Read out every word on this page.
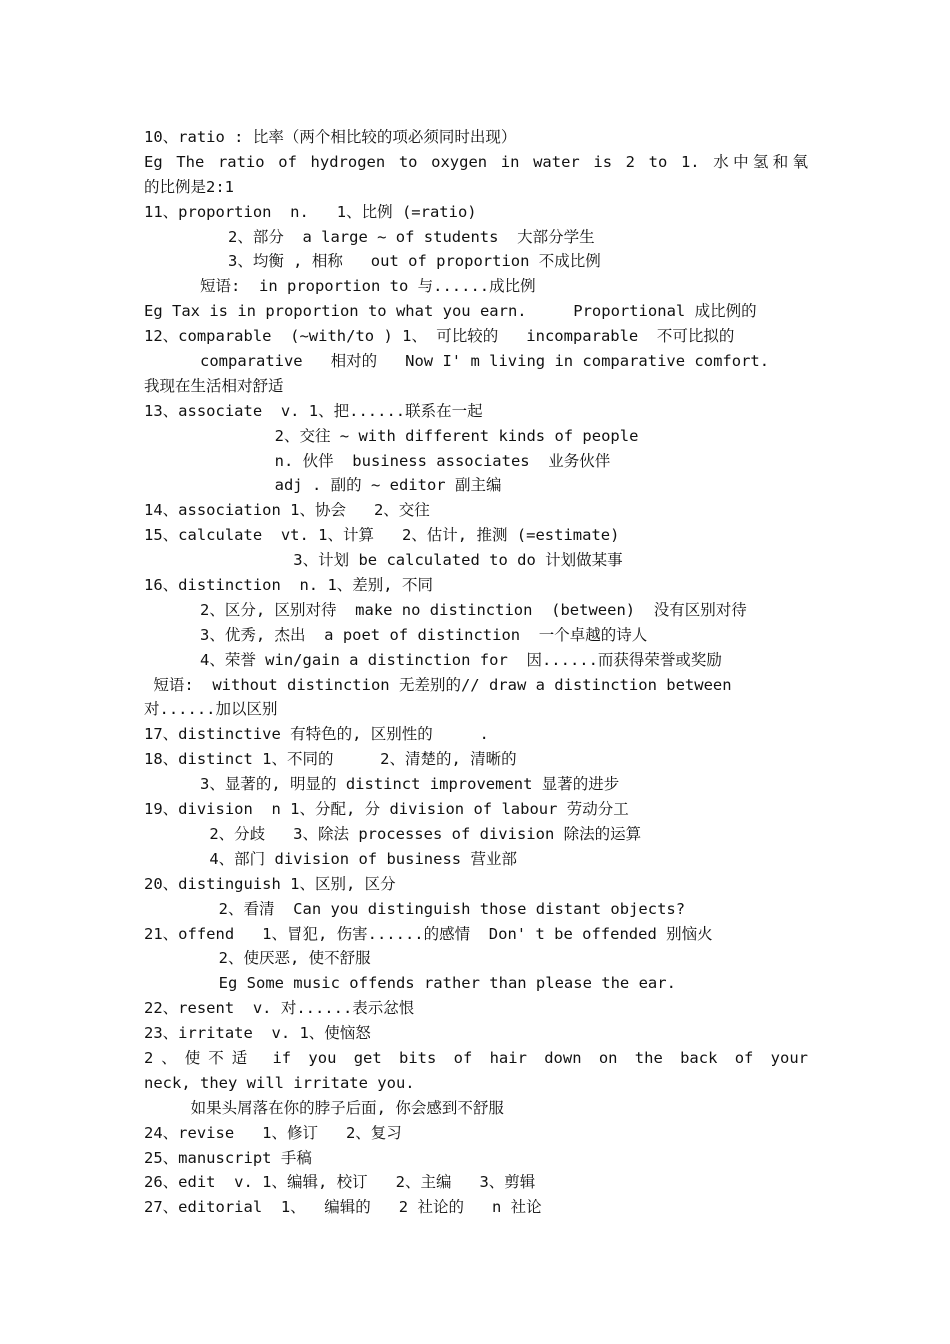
10、ratio : 比率（两个相比较的项必须同时出现）
Eg The ratio of hydrogen to oxygen in water is 2 to 1. 水中氢和氧
的比例是2:1
11、proportion  n.   1、比例 (=ratio)
2、部分  a large ~ of students  大部分学生
3、均衡 , 相称   out of proportion 不成比例
短语:  in proportion to 与......成比例
Eg Tax is in proportion to what you earn.     Proportional 成比例的
12、comparable  (~with/to ) 1、 可比较的   incomparable  不可比拟的
comparative   相对的   Now I' m living in comparative comfort.
我现在生活相对舒适
13、associate  v. 1、把......联系在一起
2、交往 ~ with different kinds of people
n. 伙伴  business associates  业务伙伴
adj . 副的 ~ editor 副主编
14、association 1、协会   2、交往
15、calculate  vt. 1、计算   2、估计, 推测 (=estimate)
3、计划 be calculated to do 计划做某事
16、distinction  n. 1、差别, 不同
2、区分, 区别对待  make no distinction  (between)  没有区别对待
3、优秀, 杰出  a poet of distinction  一个卓越的诗人
4、荣誉 win/gain a distinction for  因......而获得荣誉或奖励
短语:  without distinction 无差别的// draw a distinction between
对......加以区别
17、distinctive 有特色的, 区别性的     .
18、distinct 1、不同的     2、清楚的, 清晰的
3、显著的, 明显的 distinct improvement 显著的进步
19、division  n 1、分配, 分 division of labour 劳动分工
2、分歧   3、除法 processes of division 除法的运算
4、部门 division of business 营业部
20、distinguish 1、区别, 区分
2、看清  Can you distinguish those distant objects?
21、offend   1、冒犯, 伤害......的感情  Don' t be offended 别恼火
2、使厌恶, 使不舒服
Eg Some music offends rather than please the ear.
22、resent  v. 对......表示忿恨
23、irritate  v. 1、使恼怒
2、使不适 if you get bits of hair down on the back of your
neck, they will irritate you.
如果头屑落在你的脖子后面, 你会感到不舒服
24、revise   1、修订   2、复习
25、manuscript 手稿
26、edit  v. 1、编辑, 校订   2、主编   3、剪辑
27、editorial  1、  编辑的   2 社论的   n 社论
